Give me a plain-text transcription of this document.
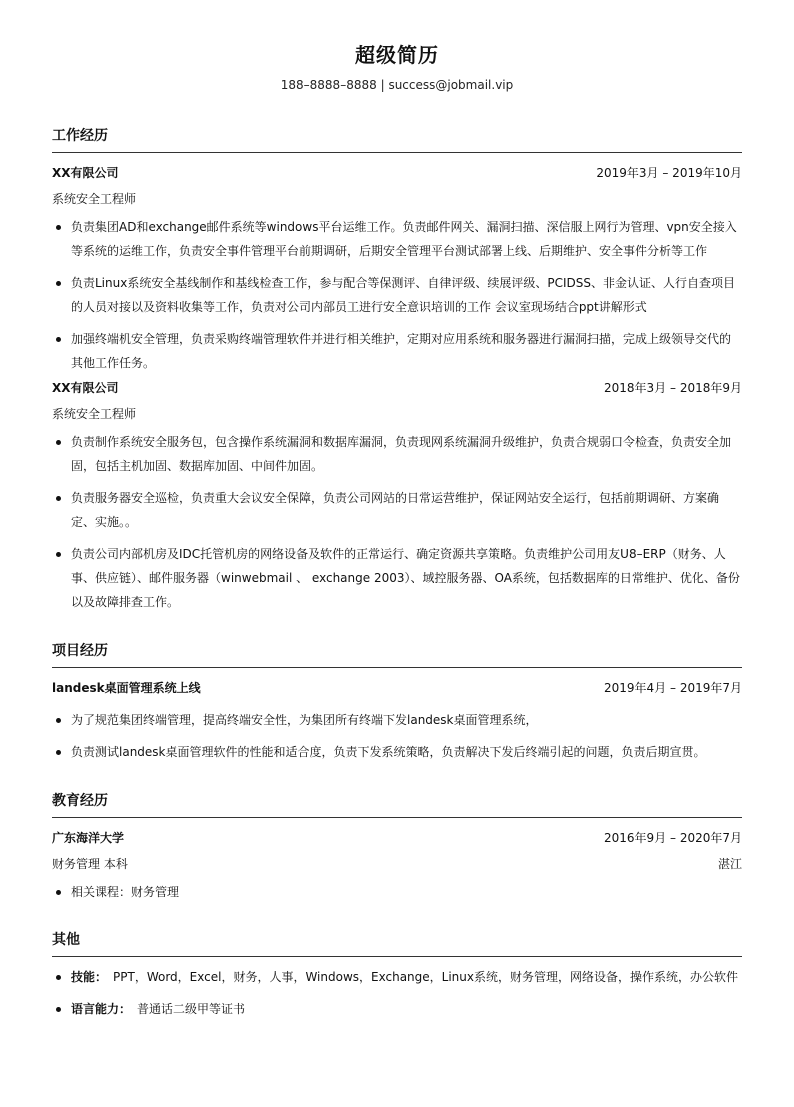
超级简历
188–8888–8888 | success@jobmail.vip
工作经历
XX有限公司	2019年3月 – 2019年10月
系统安全工程师
负责集团AD和exchange邮件系统等windows平台运维工作。负责邮件网关、漏洞扫描、深信服上网行为管理、vpn安全接入等系统的运维工作，负责安全事件管理平台前期调研，后期安全管理平台测试部署上线、后期维护、安全事件分析等工作
负责Linux系统安全基线制作和基线检查工作，参与配合等保测评、自律评级、续展评级、PCIDSS、非金认证、人行自查项目的人员对接以及资料收集等工作，负责对公司内部员工进行安全意识培训的工作 会议室现场结合ppt讲解形式
加强终端机安全管理，负责采购终端管理软件并进行相关维护，定期对应用系统和服务器进行漏洞扫描，完成上级领导交代的其他工作任务。
XX有限公司	2018年3月 – 2018年9月
系统安全工程师
负责制作系统安全服务包，包含操作系统漏洞和数据库漏洞，负责现网系统漏洞升级维护，负责合规弱口令检查，负责安全加固，包括主机加固、数据库加固、中间件加固。
负责服务器安全巡检，负责重大会议安全保障，负责公司网站的日常运营维护，保证网站安全运行，包括前期调研、方案确定、实施。。
负责公司内部机房及IDC托管机房的网络设备及软件的正常运行、确定资源共享策略。负责维护公司用友U8–ERP（财务、人事、供应链）、邮件服务器（winwebmail 、 exchange 2003）、域控服务器、OA系统，包括数据库的日常维护、优化、备份以及故障排查工作。
项目经历
landesk桌面管理系统上线	2019年4月 – 2019年7月
为了规范集团终端管理，提高终端安全性，为集团所有终端下发landesk桌面管理系统，
负责测试landesk桌面管理软件的性能和适合度，负责下发系统策略，负责解决下发后终端引起的问题，负责后期宣贯。
教育经历
广东海洋大学	2016年9月 – 2020年7月
财务管理 本科	湛江
相关课程：财务管理
其他
技能： PPT，Word，Excel，财务，人事，Windows，Exchange，Linux系统，财务管理，网络设备，操作系统，办公软件
语言能力： 普通话二级甲等证书
